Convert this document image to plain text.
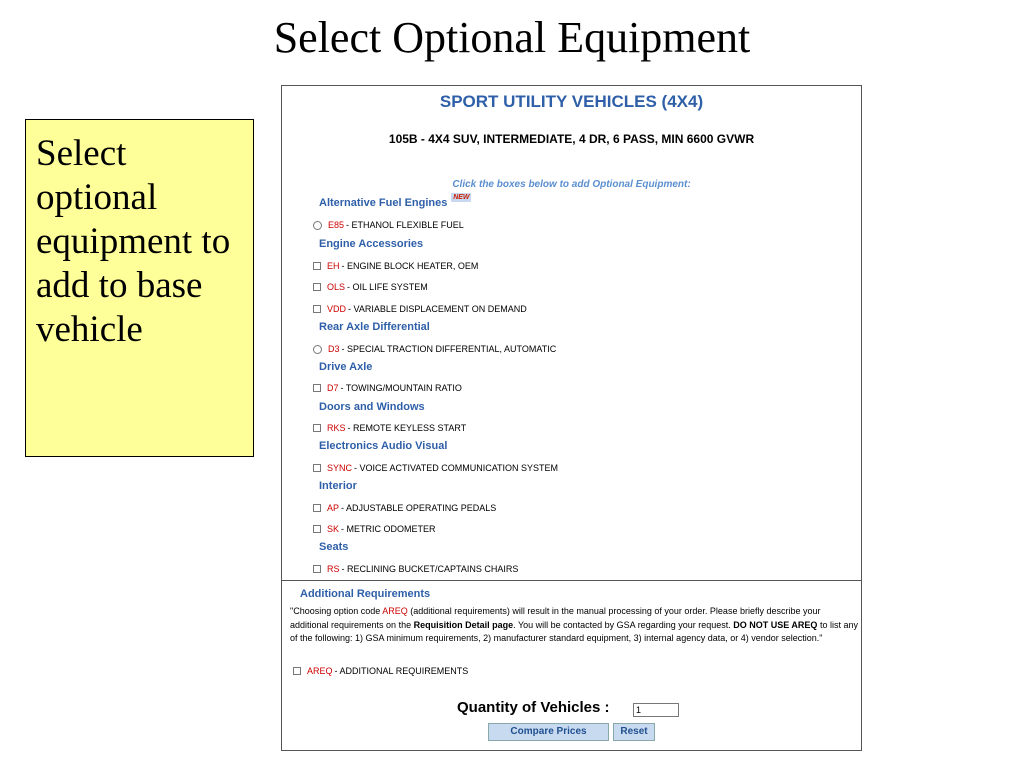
Select Optional Equipment
Select optional equipment to add to base vehicle
SPORT UTILITY VEHICLES (4X4)
105B - 4X4 SUV, INTERMEDIATE, 4 DR, 6 PASS, MIN 6600 GVWR
Click the boxes below to add Optional Equipment:
Alternative Fuel Engines NEW
E85 - ETHANOL FLEXIBLE FUEL
Engine Accessories
EH - ENGINE BLOCK HEATER, OEM
OLS - OIL LIFE SYSTEM
VDD - VARIABLE DISPLACEMENT ON DEMAND
Rear Axle Differential
D3 - SPECIAL TRACTION DIFFERENTIAL, AUTOMATIC
Drive Axle
D7 - TOWING/MOUNTAIN RATIO
Doors and Windows
RKS - REMOTE KEYLESS START
Electronics Audio Visual
SYNC - VOICE ACTIVATED COMMUNICATION SYSTEM
Interior
AP - ADJUSTABLE OPERATING PEDALS
SK - METRIC ODOMETER
Seats
RS - RECLINING BUCKET/CAPTAINS CHAIRS
Additional Requirements
"Choosing option code AREQ (additional requirements) will result in the manual processing of your order. Please briefly describe your additional requirements on the Requisition Detail page. You will be contacted by GSA regarding your request. DO NOT USE AREQ to list any of the following: 1) GSA minimum requirements, 2) manufacturer standard equipment, 3) internal agency data, or 4) vendor selection."
AREQ - ADDITIONAL REQUIREMENTS
Quantity of Vehicles :	1
Compare Prices	Reset
